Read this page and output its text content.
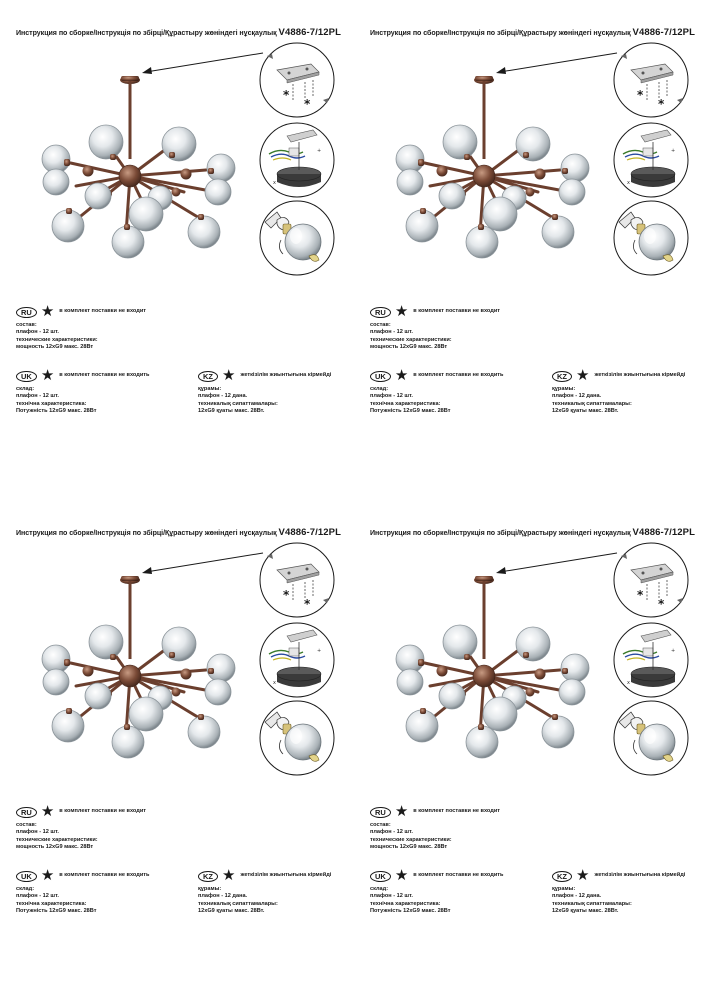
Инструкция по сборке/Інструкція по збірці/Құрастыру жөніндегі нұсқаулық V4886-7/12PL
*
*
+
x
RU ★ в комплект поставки не входит
состав:
плафон - 12 шт.
технические характеристики:
мощность 12хG9 макс. 28Вт
UK ★ в комплект поставки не входить
склад:
плафон - 12 шт.
технічна характеристика:
Потужність 12хG9 макс. 28Вт
KZ ★ жеткізілім жиынтығына кірмейді
құрамы:
плафон - 12 дана.
техникалық сипаттамалары:
12хG9 қуаты макс. 28Вт.
Инструкция по сборке/Інструкція по збірці/Құрастыру жөніндегі нұсқаулық V4886-7/12PL
*
*
+
x
RU ★ в комплект поставки не входит
состав:
плафон - 12 шт.
технические характеристики:
мощность 12хG9 макс. 28Вт
UK ★ в комплект поставки не входить
склад:
плафон - 12 шт.
технічна характеристика:
Потужність 12хG9 макс. 28Вт
KZ ★ жеткізілім жиынтығына кірмейді
құрамы:
плафон - 12 дана.
техникалық сипаттамалары:
12хG9 қуаты макс. 28Вт.
Инструкция по сборке/Інструкція по збірці/Құрастыру жөніндегі нұсқаулық V4886-7/12PL
*
*
+
x
RU ★ в комплект поставки не входит
состав:
плафон - 12 шт.
технические характеристики:
мощность 12хG9 макс. 28Вт
UK ★ в комплект поставки не входить
склад:
плафон - 12 шт.
технічна характеристика:
Потужність 12хG9 макс. 28Вт
KZ ★ жеткізілім жиынтығына кірмейді
құрамы:
плафон - 12 дана.
техникалық сипаттамалары:
12хG9 қуаты макс. 28Вт.
Инструкция по сборке/Інструкція по збірці/Құрастыру жөніндегі нұсқаулық V4886-7/12PL
*
*
+
x
RU ★ в комплект поставки не входит
состав:
плафон - 12 шт.
технические характеристики:
мощность 12хG9 макс. 28Вт
UK ★ в комплект поставки не входить
склад:
плафон - 12 шт.
технічна характеристика:
Потужність 12хG9 макс. 28Вт
KZ ★ жеткізілім жиынтығына кірмейді
құрамы:
плафон - 12 дана.
техникалық сипаттамалары:
12хG9 қуаты макс. 28Вт.
